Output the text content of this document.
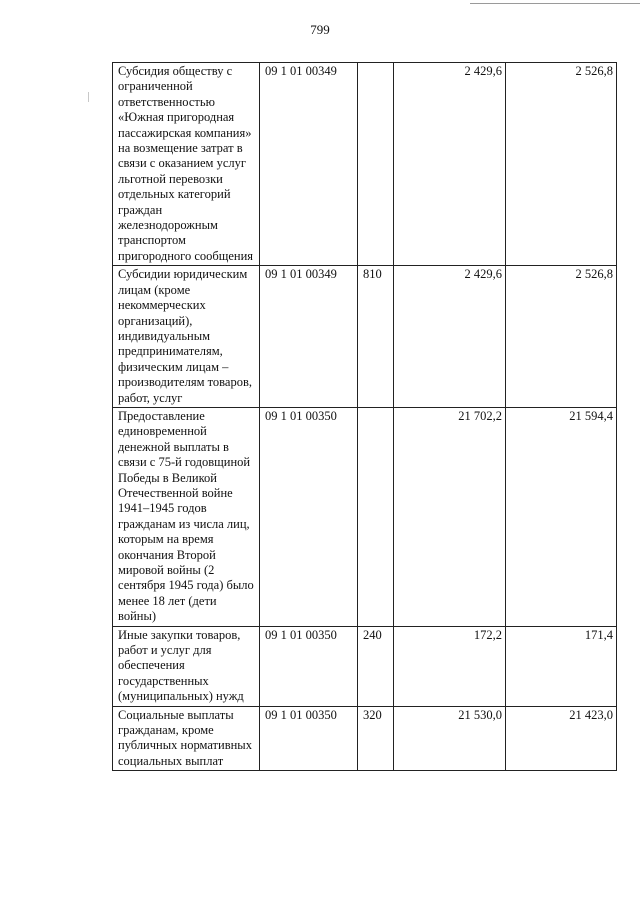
799
Субсидия обществу с ограниченной ответственностью «Южная пригородная пассажирская компания» на возмещение затрат в связи с оказанием услуг льготной перевозки отдельных категорий граждан железнодорожным транспортом пригородного сообщения	09 1 01 00349		2 429,6	2 526,8
Субсидии юридическим лицам (кроме некоммерческих организаций), индивидуальным предпринимателям, физическим лицам – производителям товаров, работ, услуг	09 1 01 00349	810	2 429,6	2 526,8
Предоставление единовременной денежной выплаты в связи с 75-й годовщиной Победы в Великой Отечественной войне 1941–1945 годов гражданам из числа лиц, которым на время окончания Второй мировой войны (2 сентября 1945 года) было менее 18 лет (дети войны)	09 1 01 00350		21 702,2	21 594,4
Иные закупки товаров, работ и услуг для обеспечения государственных (муниципальных) нужд	09 1 01 00350	240	172,2	171,4
Социальные выплаты гражданам, кроме публичных нормативных социальных выплат	09 1 01 00350	320	21 530,0	21 423,0
